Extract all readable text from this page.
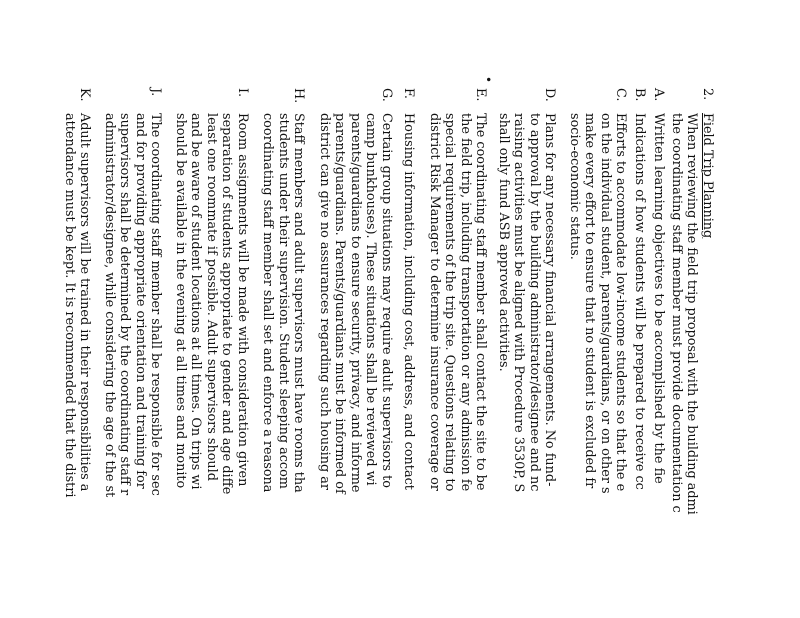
2.
Field Trip Planning
When reviewing the field trip proposal with the building admi
the coordinating staff member must provide documentation c
A.
Written learning objectives to be accomplished by the fie
B.
Indications of how students will be prepared to receive cc
C.
Efforts to accommodate low-income students so that the e
on the individual student, parents/guardians, or on other s
make every effort to ensure that no student is excluded fr
socio-economic status.
D.
Plans for any necessary financial arrangements. No fund-
to approval by the building administrator/designee and nc
raising activities must be aligned with Procedure 3530P, S
shall only fund ASB approved activities.
E.
The coordinating staff member shall contact the site to be
the field trip, including transportation or any admission fe
special requirements of the trip site. Questions relating to
district Risk Manager to determine insurance coverage or
F.
Housing information, including cost, address, and contact
G.
Certain group situations may require adult supervisors to
camp bunkhouses). These situations shall be reviewed wi
parents/guardians to ensure security, privacy, and informe
parents/guardians. Parents/guardians must be informed of
district can give no assurances regarding such housing ar
H.
Staff members and adult supervisors must have rooms tha
students under their supervision. Student sleeping accom
coordinating staff member shall set and enforce a reasona
I.
Room assignments will be made with consideration given
separation of students appropriate to gender and age diffe
least one roommate if possible. Adult supervisors should
and be aware of student locations at all times. On trips wi
should be available in the evening at all times and monito
J.
The coordinating staff member shall be responsible for sec
and for providing appropriate orientation and training for
supervisors shall be determined by the coordinating staff r
administrator/designee, while considering the age of the st
K.
Adult supervisors will be trained in their responsibilities a
attendance must be kept. It is recommended that the distri
•
